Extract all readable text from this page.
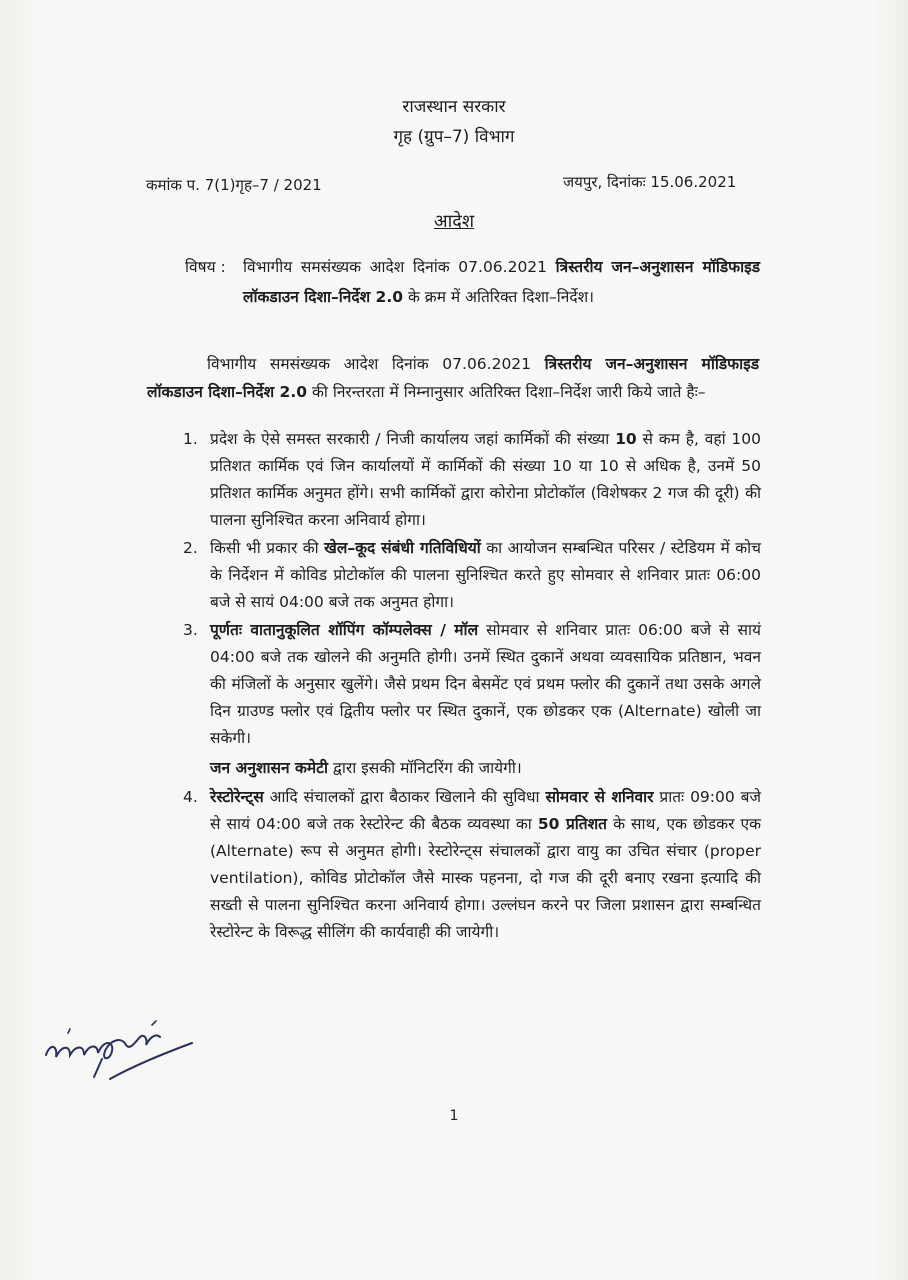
राजस्थान सरकार
गृह (ग्रुप–7) विभाग
कमांक प. 7(1)गृह–7 / 2021	जयपुर, दिनांकः 15.06.2021
आदेश
विषय :	विभागीय समसंख्यक आदेश दिनांक 07.06.2021 त्रिस्तरीय जन–अनुशासन मॉडिफाइड लॉकडाउन दिशा–निर्देश 2.0 के क्रम में अतिरिक्त दिशा–निर्देश।
विभागीय समसंख्यक आदेश दिनांक 07.06.2021 त्रिस्तरीय जन–अनुशासन मॉडिफाइड लॉकडाउन दिशा–निर्देश 2.0 की निरन्तरता में निम्नानुसार अतिरिक्त दिशा–निर्देश जारी किये जाते हैः–
1. प्रदेश के ऐसे समस्त सरकारी / निजी कार्यालय जहां कार्मिकों की संख्या 10 से कम है, वहां 100 प्रतिशत कार्मिक एवं जिन कार्यालयों में कार्मिकों की संख्या 10 या 10 से अधिक है, उनमें 50 प्रतिशत कार्मिक अनुमत होंगे। सभी कार्मिकों द्वारा कोरोना प्रोटोकॉल (विशेषकर 2 गज की दूरी) की पालना सुनिश्चित करना अनिवार्य होगा।
2. किसी भी प्रकार की खेल–कूद संबंधी गतिविधियों का आयोजन सम्बन्धित परिसर / स्टेडियम में कोच के निर्देशन में कोविड प्रोटोकॉल की पालना सुनिश्चित करते हुए सोमवार से शनिवार प्रातः 06:00 बजे से सायं 04:00 बजे तक अनुमत होगा।
3. पूर्णतः वातानुकूलित शॉपिंग कॉम्पलेक्स / मॉल सोमवार से शनिवार प्रातः 06:00 बजे से सायं 04:00 बजे तक खोलने की अनुमति होगी। उनमें स्थित दुकानें अथवा व्यवसायिक प्रतिष्ठान, भवन की मंजिलों के अनुसार खुलेंगे। जैसे प्रथम दिन बेसमेंट एवं प्रथम फ्लोर की दुकानें तथा उसके अगले दिन ग्राउण्ड फ्लोर एवं द्वितीय फ्लोर पर स्थित दुकानें, एक छोडकर एक (Alternate) खोली जा सकेगी।
जन अनुशासन कमेटी द्वारा इसकी मॉनिटरिंग की जायेगी।
4. रेस्टोरेन्ट्स आदि संचालकों द्वारा बैठाकर खिलाने की सुविधा सोमवार से शनिवार प्रातः 09:00 बजे से सायं 04:00 बजे तक रेस्टोरेन्ट की बैठक व्यवस्था का 50 प्रतिशत के साथ, एक छोडकर एक (Alternate) रूप से अनुमत होगी। रेस्टोरेन्ट्स संचालकों द्वारा वायु का उचित संचार (proper ventilation), कोविड प्रोटोकॉल जैसे मास्क पहनना, दो गज की दूरी बनाए रखना इत्यादि की सख्ती से पालना सुनिश्चित करना अनिवार्य होगा। उल्लंघन करने पर जिला प्रशासन द्वारा सम्बन्धित रेस्टोरेन्ट के विरूद्ध सीलिंग की कार्यवाही की जायेगी।
1
